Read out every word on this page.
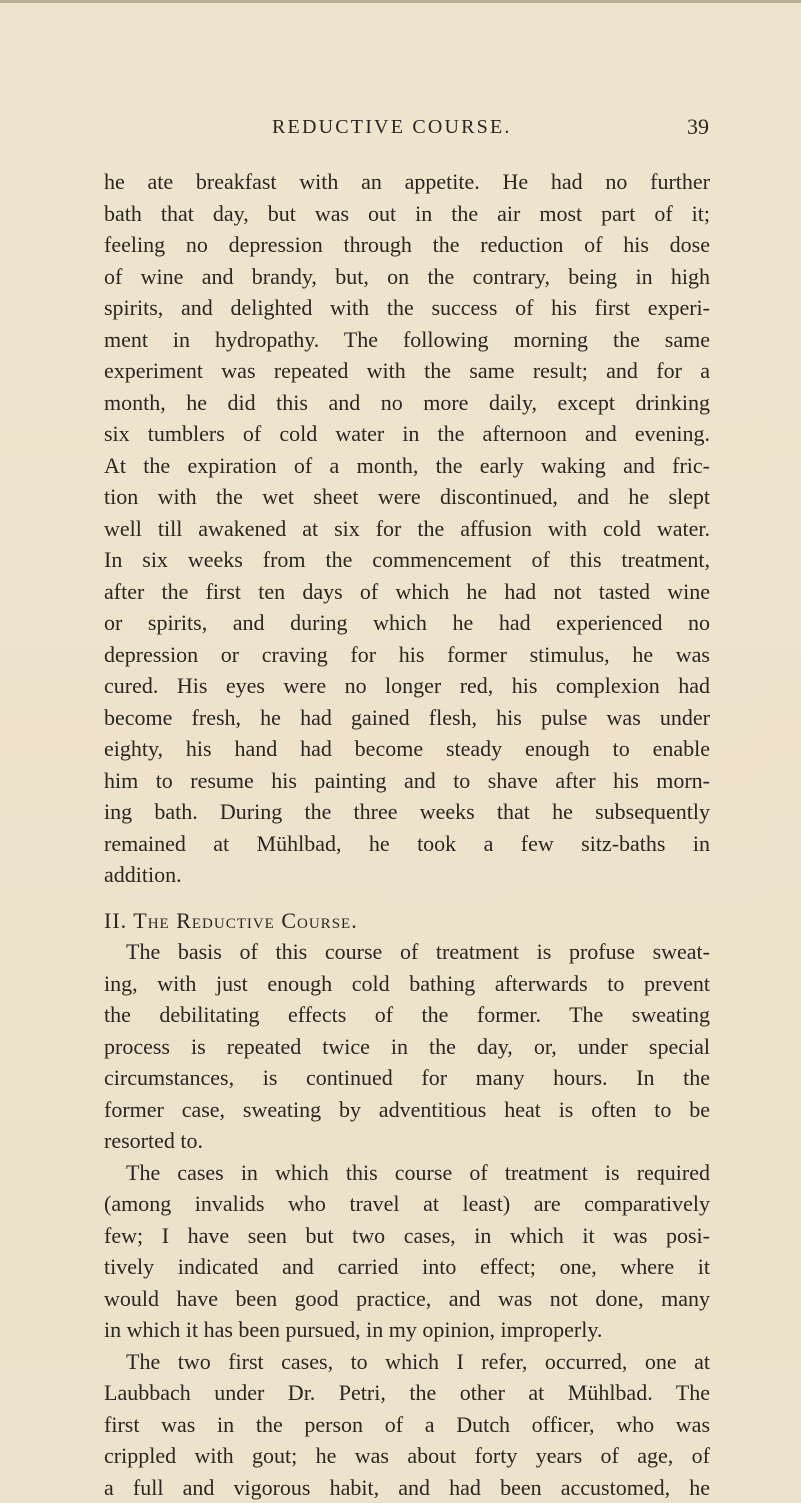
REDUCTIVE COURSE.	39
he ate breakfast with an appetite. He had no further
bath that day, but was out in the air most part of it;
feeling no depression through the reduction of his dose
of wine and brandy, but, on the contrary, being in high
spirits, and delighted with the success of his first experi-
ment in hydropathy. The following morning the same
experiment was repeated with the same result; and for a
month, he did this and no more daily, except drinking
six tumblers of cold water in the afternoon and evening.
At the expiration of a month, the early waking and fric-
tion with the wet sheet were discontinued, and he slept
well till awakened at six for the affusion with cold water.
In six weeks from the commencement of this treatment,
after the first ten days of which he had not tasted wine
or spirits, and during which he had experienced no
depression or craving for his former stimulus, he was
cured. His eyes were no longer red, his complexion had
become fresh, he had gained flesh, his pulse was under
eighty, his hand had become steady enough to enable
him to resume his painting and to shave after his morn-
ing bath. During the three weeks that he subsequently
remained at Mühlbad, he took a few sitz-baths in
addition.
II. The Reductive Course.
The basis of this course of treatment is profuse sweat-
ing, with just enough cold bathing afterwards to prevent
the debilitating effects of the former. The sweating
process is repeated twice in the day, or, under special
circumstances, is continued for many hours. In the
former case, sweating by adventitious heat is often to be
resorted to.
The cases in which this course of treatment is required
(among invalids who travel at least) are comparatively
few; I have seen but two cases, in which it was posi-
tively indicated and carried into effect; one, where it
would have been good practice, and was not done, many
in which it has been pursued, in my opinion, improperly.
The two first cases, to which I refer, occurred, one at
Laubbach under Dr. Petri, the other at Mühlbad. The
first was in the person of a Dutch officer, who was
crippled with gout; he was about forty years of age, of
a full and vigorous habit, and had been accustomed, he
